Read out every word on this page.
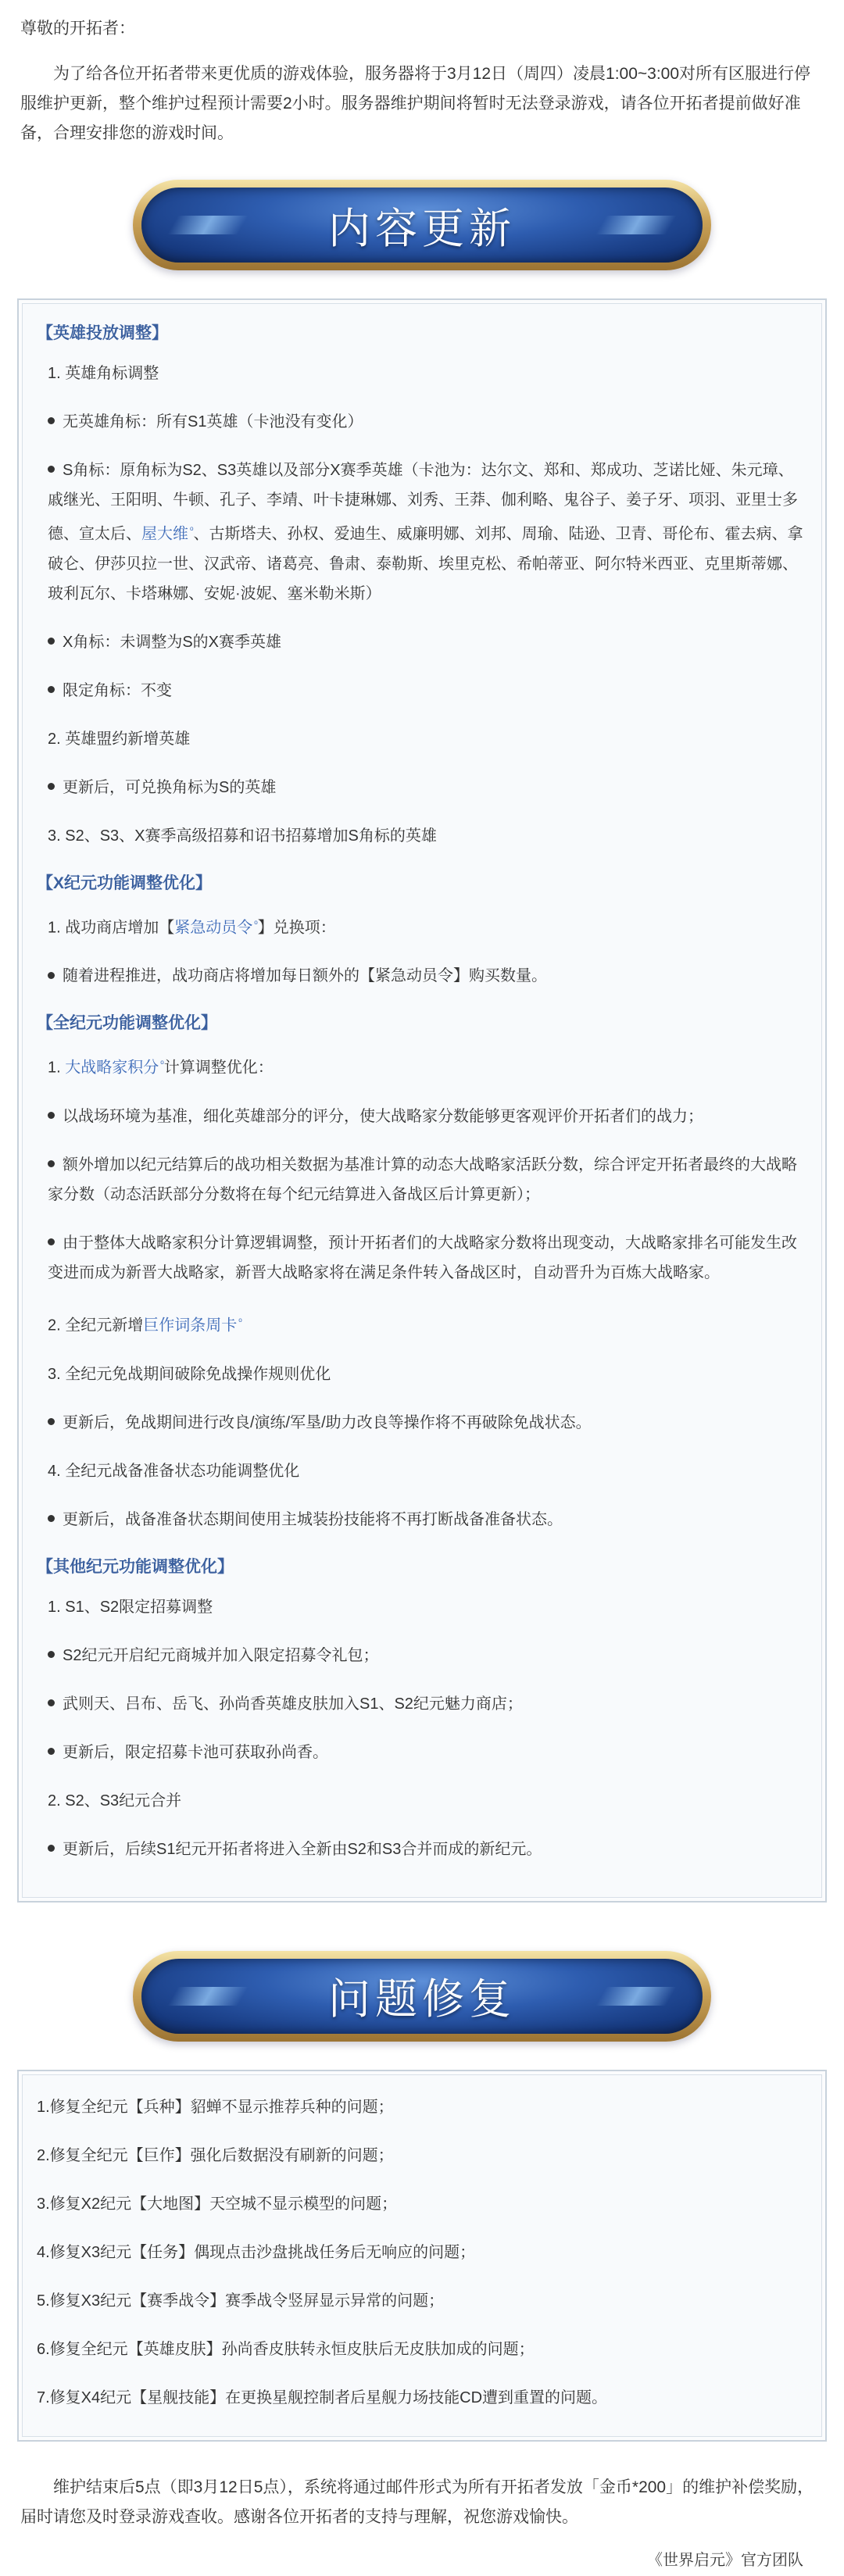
尊敬的开拓者：

为了给各位开拓者带来更优质的游戏体验，服务器将于3月12日（周四）凌晨1:00~3:00对所有区服进行停服维护更新，整个维护过程预计需要2小时。服务器维护期间将暂时无法登录游戏，请各位开拓者提前做好准备，合理安排您的游戏时间。

内容更新
【英雄投放调整】
1. 英雄角标调整
无英雄角标：所有S1英雄（卡池没有变化）
S角标：原角标为S2、S3英雄以及部分X赛季英雄（卡池为：达尔文、郑和、郑成功、芝诺比娅、朱元璋、戚继光、王阳明、牛顿、孔子、李靖、叶卡捷琳娜、刘秀、王莽、伽利略、鬼谷子、姜子牙、项羽、亚里士多德、宣太后、屋大维 $^ᵒ$、古斯塔夫、孙权、爱迪生、威廉明娜、刘邦、周瑜、陆逊、卫青、哥伦布、霍去病、拿破仑、伊莎贝拉一世、汉武帝、诸葛亮、鲁肃、泰勒斯、埃里克松、希帕蒂亚、阿尔特米西亚、克里斯蒂娜、玻利瓦尔、卡塔琳娜、安妮·波妮、塞米勒米斯）
X角标：未调整为S的X赛季英雄
限定角标：不变
2. 英雄盟约新增英雄
更新后，可兑换角标为S的英雄
3. S2、S3、X赛季高级招募和诏书招募增加S角标的英雄
【X纪元功能调整优化】
1. 战功商店增加【紧急动员令 $^ᵒ$】兑换项：
随着进程推进，战功商店将增加每日额外的【紧急动员令】购买数量。
【全纪元功能调整优化】
1. 大战略家积分 $^ᵒ$计算调整优化：
以战场环境为基准，细化英雄部分的评分，使大战略家分数能够更客观评价开拓者们的战力；
额外增加以纪元结算后的战功相关数据为基准计算的动态大战略家活跃分数，综合评定开拓者最终的大战略家分数（动态活跃部分分数将在每个纪元结算进入备战区后计算更新）；
由于整体大战略家积分计算逻辑调整，预计开拓者们的大战略家分数将出现变动，大战略家排名可能发生改变进而成为新晋大战略家，新晋大战略家将在满足条件转入备战区时，自动晋升为百炼大战略家。
2. 全纪元新增巨作词条周卡 $^ᵒ$
3. 全纪元免战期间破除免战操作规则优化
更新后，免战期间进行改良/演练/军垦/助力改良等操作将不再破除免战状态。
4. 全纪元战备准备状态功能调整优化
更新后，战备准备状态期间使用主城装扮技能将不再打断战备准备状态。
【其他纪元功能调整优化】
1. S1、S2限定招募调整
S2纪元开启纪元商城并加入限定招募令礼包；
武则天、吕布、岳飞、孙尚香英雄皮肤加入S1、S2纪元魅力商店；
更新后，限定招募卡池可获取孙尚香。
2. S2、S3纪元合并
更新后，后续S1纪元开拓者将进入全新由S2和S3合并而成的新纪元。
问题修复
1.修复全纪元【兵种】貂蝉不显示推荐兵种的问题；
2.修复全纪元【巨作】强化后数据没有刷新的问题；
3.修复X2纪元【大地图】天空城不显示模型的问题；
4.修复X3纪元【任务】偶现点击沙盘挑战任务后无响应的问题；
5.修复X3纪元【赛季战令】赛季战令竖屏显示异常的问题；
6.修复全纪元【英雄皮肤】孙尚香皮肤转永恒皮肤后无皮肤加成的问题；
7.修复X4纪元【星舰技能】在更换星舰控制者后星舰力场技能CD遭到重置的问题。

维护结束后5点（即3月12日5点），系统将通过邮件形式为所有开拓者发放「金币*200」的维护补偿奖励，届时请您及时登录游戏查收。感谢各位开拓者的支持与理解，祝您游戏愉快。

《世界启元》官方团队
